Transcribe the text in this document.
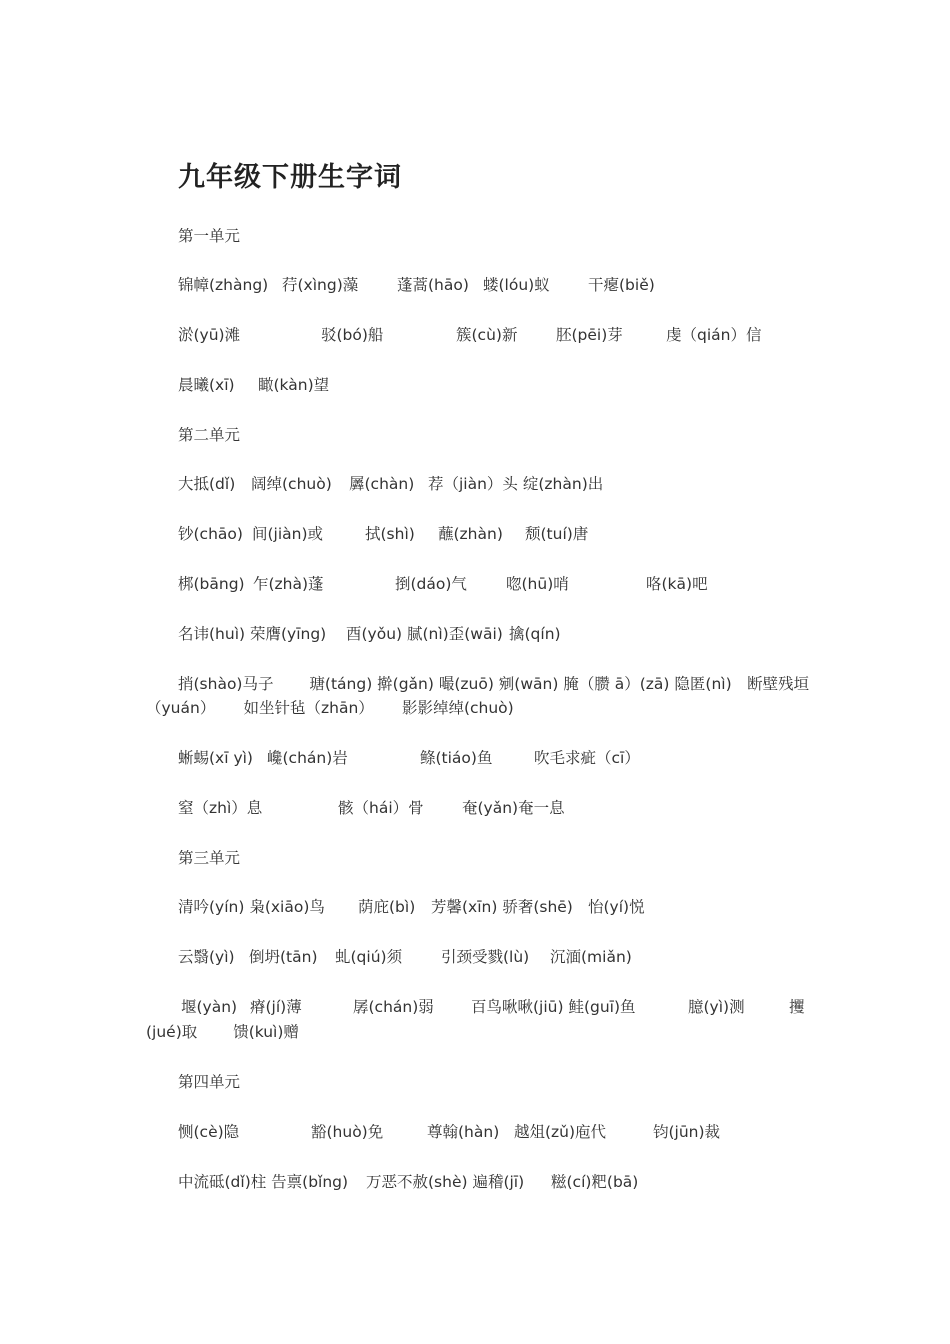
九年级下册生字词
第一单元
锦幛(zhàng) 荇(xìng)藻	蓬蒿(hāo) 蝼(lóu)蚁 干瘪(biě)
淤(yū)滩	驳(bó)船	簇(cù)新 胚(pēi)芽	虔（qián）信
晨曦(xī) 瞰(kàn)望
第二单元
大抵(dǐ) 阔绰(chuò) 羼(chàn) 荐（jiàn）头 绽(zhàn)出
钞(chāo) 间(jiàn)或	拭(shì) 蘸(zhàn) 颓(tuí)唐
梆(bāng) 乍(zhà)蓬	捯(dáo)气	唿(hū)哨	咯(kā)吧
名讳(huì) 荣膺(yīng) 酉(yǒu) 腻(nì)歪(wāi) 擒(qín)
捎(shào)马子　　 瑭(táng) 擀(gǎn) 嘬(zuō) 剜(wān) 腌（臜 ā）(zā) 隐匿(nì)　断壁残垣
（yuán）　　 如坐针毡（zhān）　　 影影绰绰(chuò)
蜥蜴(xī yì) 巉(chán)岩	鲦(tiáo)鱼	吹毛求疵（cī）
窒（zhì）息	骸（hái）骨 奄(yǎn)奄一息
第三单元
清吟(yín) 枭(xiāo)鸟 荫庇(bì) 芳馨(xīn) 骄奢(shē) 怡(yí)悦
云翳(yì) 倒坍(tān) 虬(qiú)须	引颈受戮(lù) 沉湎(miǎn)
堰(yàn) 瘠(jí)薄	孱(chán)弱 百鸟啾啾(jiū) 鲑(guī)鱼	臆(yì)测	攫
(jué)取　　 馈(kuì)赠
第四单元
恻(cè)隐	豁(huò)免	尊翰(hàn) 越俎(zǔ)庖代	钧(jūn)裁
中流砥(dǐ)柱 告禀(bǐng) 万恶不赦(shè) 遍稽(jī) 糍(cí)粑(bā)
